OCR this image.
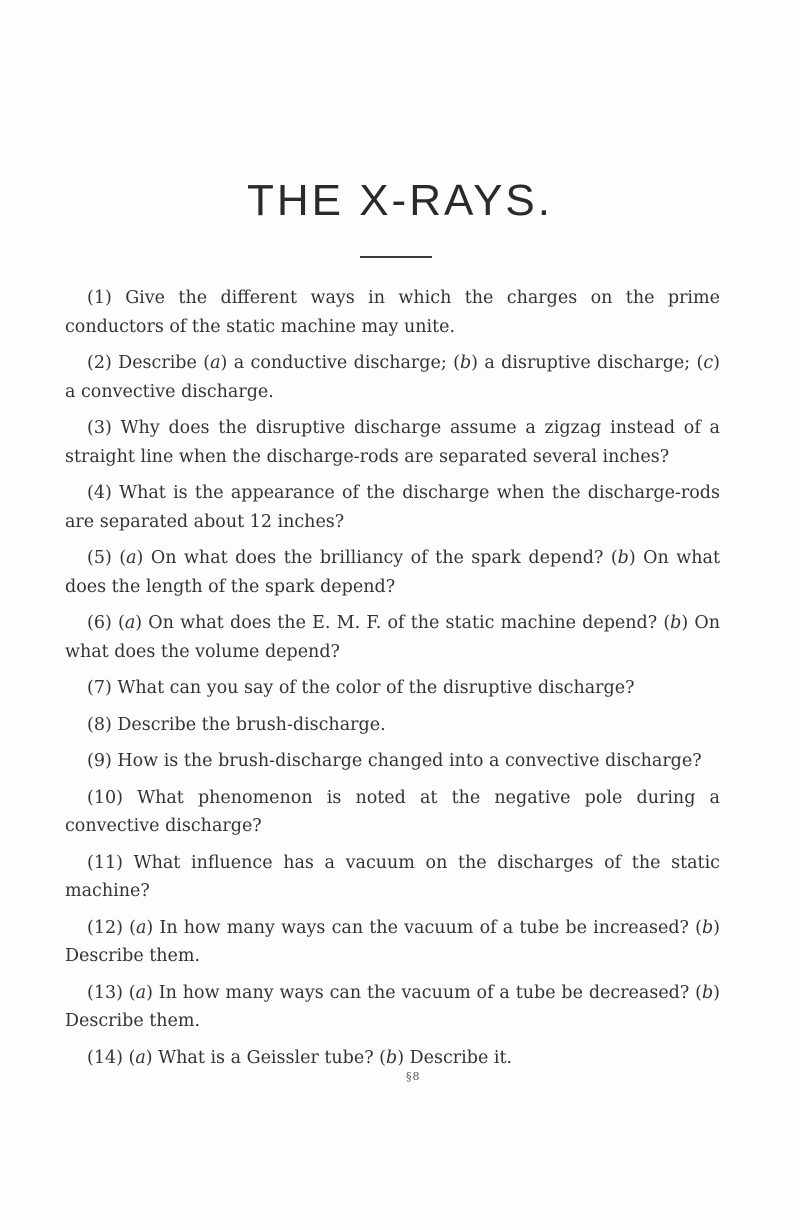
THE X-RAYS.
(1) Give the different ways in which the charges on the prime conductors of the static machine may unite.
(2) Describe (a) a conductive discharge; (b) a disruptive discharge; (c) a convective discharge.
(3) Why does the disruptive discharge assume a zigzag instead of a straight line when the discharge-rods are separated several inches?
(4) What is the appearance of the discharge when the discharge-rods are separated about 12 inches?
(5) (a) On what does the brilliancy of the spark depend? (b) On what does the length of the spark depend?
(6) (a) On what does the E. M. F. of the static machine depend? (b) On what does the volume depend?
(7) What can you say of the color of the disruptive discharge?
(8) Describe the brush-discharge.
(9) How is the brush-discharge changed into a convective discharge?
(10) What phenomenon is noted at the negative pole during a convective discharge?
(11) What influence has a vacuum on the discharges of the static machine?
(12) (a) In how many ways can the vacuum of a tube be increased? (b) Describe them.
(13) (a) In how many ways can the vacuum of a tube be decreased? (b) Describe them.
(14) (a) What is a Geissler tube? (b) Describe it.
§8
